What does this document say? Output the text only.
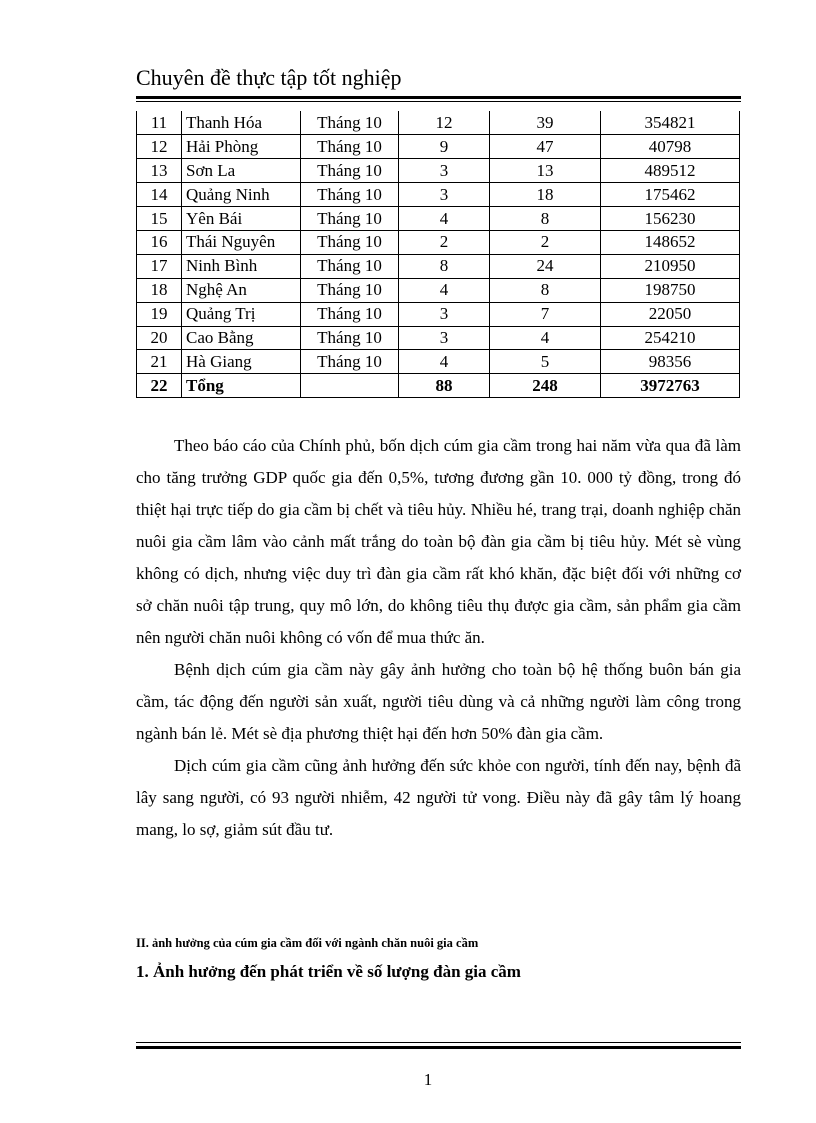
Chuyên đề thực tập tốt nghiệp
11	Thanh Hóa	Tháng 10	12	39	354821
12	Hải Phòng	Tháng 10	9	47	40798
13	Sơn La	Tháng 10	3	13	489512
14	Quảng Ninh	Tháng 10	3	18	175462
15	Yên Bái	Tháng 10	4	8	156230
16	Thái Nguyên	Tháng 10	2	2	148652
17	Ninh Bình	Tháng 10	8	24	210950
18	Nghệ An	Tháng 10	4	8	198750
19	Quảng Trị	Tháng 10	3	7	22050
20	Cao Bằng	Tháng 10	3	4	254210
21	Hà Giang	Tháng 10	4	5	98356
22	Tổng		88	248	3972763

Theo báo cáo của Chính phủ, bốn dịch cúm gia cầm trong hai năm vừa qua đã làm cho tăng trưởng GDP quốc gia đến 0,5%, tương đương gần 10. 000 tỷ đồng, trong đó thiệt hại trực tiếp do gia cầm bị chết và tiêu hủy. Nhiều hé, trang trại, doanh nghiệp chăn nuôi gia cầm lâm vào cảnh mất trắng do toàn bộ đàn gia cầm bị tiêu hủy. Mét sè vùng không có dịch, nhưng việc duy trì đàn gia cầm rất khó khăn, đặc biệt đối với những cơ sở chăn nuôi tập trung, quy mô lớn, do không tiêu thụ được gia cầm, sản phẩm gia cầm nên người chăn nuôi không có vốn để mua thức ăn.

Bệnh dịch cúm gia cầm này gây ảnh hưởng cho toàn bộ hệ thống buôn bán gia cầm, tác động đến người sản xuất, người tiêu dùng và cả những người làm công trong ngành bán lẻ. Mét sè địa phương thiệt hại đến hơn 50% đàn gia cầm.

Dịch cúm gia cầm cũng ảnh hưởng đến sức khỏe con người, tính đến nay, bệnh đã lây sang người, có 93 người nhiễm, 42 người tử vong. Điều này đã gây tâm lý hoang mang, lo sợ, giảm sút đầu tư.

II. ảnh hưởng của cúm gia cầm đối với ngành chăn nuôi gia cầm
1. Ảnh hưởng đến phát triển về số lượng đàn gia cầm
1
